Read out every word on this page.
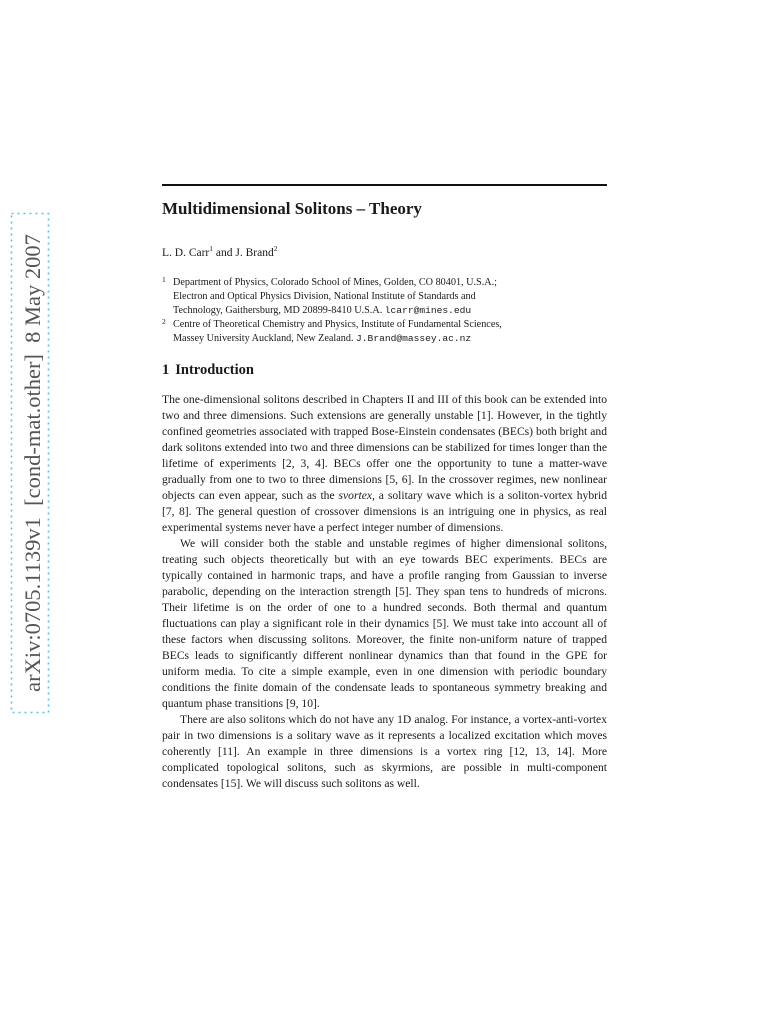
arXiv:0705.1139v1  [cond-mat.other]  8 May 2007
Multidimensional Solitons – Theory
L. D. Carr$^1$ and J. Brand$^2$
1 Department of Physics, Colorado School of Mines, Golden, CO 80401, U.S.A.;
Electron and Optical Physics Division, National Institute of Standards and
Technology, Gaithersburg, MD 20899-8410 U.S.A. lcarr@mines.edu
2 Centre of Theoretical Chemistry and Physics, Institute of Fundamental Sciences,
Massey University Auckland, New Zealand. J.Brand@massey.ac.nz
1 Introduction

The one-dimensional solitons described in Chapters II and III of this book can be extended into two and three dimensions. Such extensions are generally unstable [1]. However, in the tightly confined geometries associated with trapped Bose-Einstein condensates (BECs) both bright and dark solitons extended into two and three dimensions can be stabilized for times longer than the lifetime of experiments [2, 3, 4]. BECs offer one the opportunity to tune a matter-wave gradually from one to two to three dimensions [5, 6]. In the crossover regimes, new nonlinear objects can even appear, such as the svortex, a solitary wave which is a soliton-vortex hybrid [7, 8]. The general question of crossover dimensions is an intriguing one in physics, as real experimental systems never have a perfect integer number of dimensions.

We will consider both the stable and unstable regimes of higher dimensional solitons, treating such objects theoretically but with an eye towards BEC experiments. BECs are typically contained in harmonic traps, and have a profile ranging from Gaussian to inverse parabolic, depending on the interaction strength [5]. They span tens to hundreds of microns. Their lifetime is on the order of one to a hundred seconds. Both thermal and quantum fluctuations can play a significant role in their dynamics [5]. We must take into account all of these factors when discussing solitons. Moreover, the finite non-uniform nature of trapped BECs leads to significantly different nonlinear dynamics than that found in the GPE for uniform media. To cite a simple example, even in one dimension with periodic boundary conditions the finite domain of the condensate leads to spontaneous symmetry breaking and quantum phase transitions [9, 10].

There are also solitons which do not have any 1D analog. For instance, a vortex-anti-vortex pair in two dimensions is a solitary wave as it represents a localized excitation which moves coherently [11]. An example in three dimensions is a vortex ring [12, 13, 14]. More complicated topological solitons, such as skyrmions, are possible in multi-component condensates [15]. We will discuss such solitons as well.
